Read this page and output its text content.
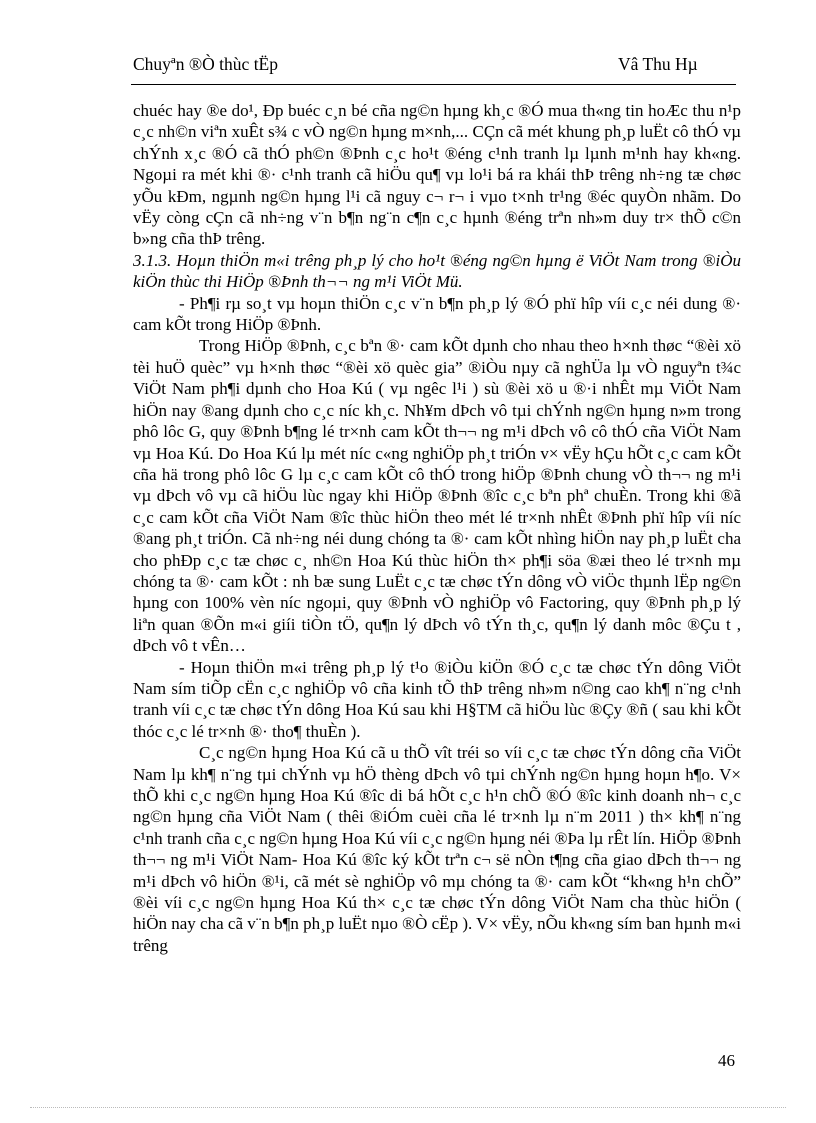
Chuyªn ®Ò thùc tËp	Vâ Thu Hµ

chuéc hay ®e do¹, Ðp buéc c¸n bé cña ng©n hµng kh¸c ®Ó mua th«ng tin hoÆc thu n¹p c¸c nh©n viªn xuÊt s¾ c vÒ ng©n hµng m×nh,... CÇn cã mét khung ph¸p luËt cô thÓ vµ chÝnh x¸c ®Ó cã thÓ ph©n ®Þnh c¸c ho¹t ®éng c¹nh tranh lµ lµnh m¹nh hay kh«ng. Ngoµi ra mét khi ®· c¹nh tranh cã hiÖu qu¶ vµ lo¹i bá ra khái thÞ trêng nh÷ng tæ chøc yÕu kÐm, ngµnh ng©n hµng l¹i cã nguy c¬ r¬ i vµo t×nh tr¹ng ®éc quyÒn nhãm. Do vËy còng cÇn cã nh÷ng v¨n b¶n ng¨n c¶n c¸c hµnh ®éng trªn nh»m duy tr× thÕ c©n b»ng cña thÞ trêng.

3.1.3. Hoµn thiÖn m«i trêng ph¸p lý cho ho¹t ®éng ng©n hµng ë ViÖt Nam trong ®iÒu kiÖn thùc thi HiÖp ®Þnh th¬¬ ng m¹i ViÖt Mü.

- Ph¶i rµ so¸t vµ hoµn thiÖn c¸c v¨n b¶n ph¸p lý ®Ó phï hîp víi c¸c néi dung ®· cam kÕt trong HiÖp ®Þnh.

Trong HiÖp ®Þnh, c¸c bªn ®· cam kÕt dµnh cho nhau theo h×nh thøc “®èi xö tèi huÖ quèc” vµ h×nh thøc “®èi xö quèc gia” ®iÒu nµy cã nghÜa lµ vÒ nguyªn t¾c ViÖt Nam ph¶i dµnh cho Hoa Kú ( vµ ngêc l¹i ) sù ®èi xö u ®·i nhÊt mµ ViÖt Nam hiÖn nay ®ang dµnh cho c¸c níc kh¸c. Nh¥m dÞch vô tµi chÝnh ng©n hµng n»m trong phô lôc G, quy ®Þnh b¶ng lé tr×nh cam kÕt th¬¬ ng m¹i dÞch vô cô thÓ cña ViÖt Nam vµ Hoa Kú. Do Hoa Kú lµ mét níc c«ng nghiÖp ph¸t triÓn v× vËy hÇu hÕt c¸c cam kÕt cña hä trong phô lôc G lµ c¸c cam kÕt cô thÓ trong hiÖp ®Þnh chung vÒ th¬¬ ng m¹i vµ dÞch vô vµ cã hiÖu lùc ngay khi HiÖp ®Þnh ®îc c¸c bªn phª chuÈn. Trong khi ®ã c¸c cam kÕt cña ViÖt Nam ®îc thùc hiÖn theo mét lé tr×nh nhÊt ®Þnh phï hîp víi níc ®ang ph¸t triÓn. Cã nh÷ng néi dung chóng ta ®· cam kÕt nhìng hiÖn nay ph¸p luËt cha cho phÐp c¸c tæ chøc c¸ nh©n Hoa Kú thùc hiÖn th× ph¶i söa ®æi theo lé tr×nh mµ chóng ta ®· cam kÕt : nh bæ sung LuËt c¸c tæ chøc tÝn dông vÒ viÖc thµnh lËp ng©n hµng con 100% vèn níc ngoµi, quy ®Þnh vÒ nghiÖp vô Factoring, quy ®Þnh ph¸p lý liªn quan ®Õn m«i giíi tiÒn tÖ, qu¶n lý dÞch vô tÝn th¸c, qu¶n lý danh môc ®Çu t , dÞch vô t vÊn…

- Hoµn thiÖn m«i trêng ph¸p lý t¹o ®iÒu kiÖn ®Ó c¸c tæ chøc tÝn dông ViÖt Nam sím tiÕp cËn c¸c nghiÖp vô cña kinh tÕ thÞ trêng nh»m n©ng cao kh¶ n¨ng c¹nh tranh víi c¸c tæ chøc tÝn dông Hoa Kú sau khi H§TM cã hiÖu lùc ®Çy ®ñ ( sau khi kÕt thóc c¸c lé tr×nh ®· tho¶ thuÈn ).

C¸c ng©n hµng Hoa Kú cã u thÕ vît tréi so víi c¸c tæ chøc tÝn dông cña ViÖt Nam lµ kh¶ n¨ng tµi chÝnh vµ hÖ thèng dÞch vô tµi chÝnh ng©n hµng hoµn h¶o. V× thÕ khi c¸c ng©n hµng Hoa Kú ®îc di bá hÕt c¸c h¹n chÕ ®Ó ®îc kinh doanh nh¬ c¸c ng©n hµng cña ViÖt Nam ( thêi ®iÓm cuèi cña lé tr×nh lµ n¨m 2011 ) th× kh¶ n¨ng c¹nh tranh cña c¸c ng©n hµng Hoa Kú víi c¸c ng©n hµng néi ®Þa lµ rÊt lín. HiÖp ®Þnh th¬¬ ng m¹i ViÖt Nam- Hoa Kú ®îc ký kÕt trªn c¬ së nÒn t¶ng cña giao dÞch th¬¬ ng m¹i dÞch vô hiÖn ®¹i, cã mét sè nghiÖp vô mµ chóng ta ®· cam kÕt “kh«ng h¹n chÕ” ®èi víi c¸c ng©n hµng Hoa Kú th× c¸c tæ chøc tÝn dông ViÖt Nam cha thùc hiÖn ( hiÖn nay cha cã v¨n b¶n ph¸p luËt nµo ®Ò cËp ). V× vËy, nÕu kh«ng sím ban hµnh m«i trêng

46
